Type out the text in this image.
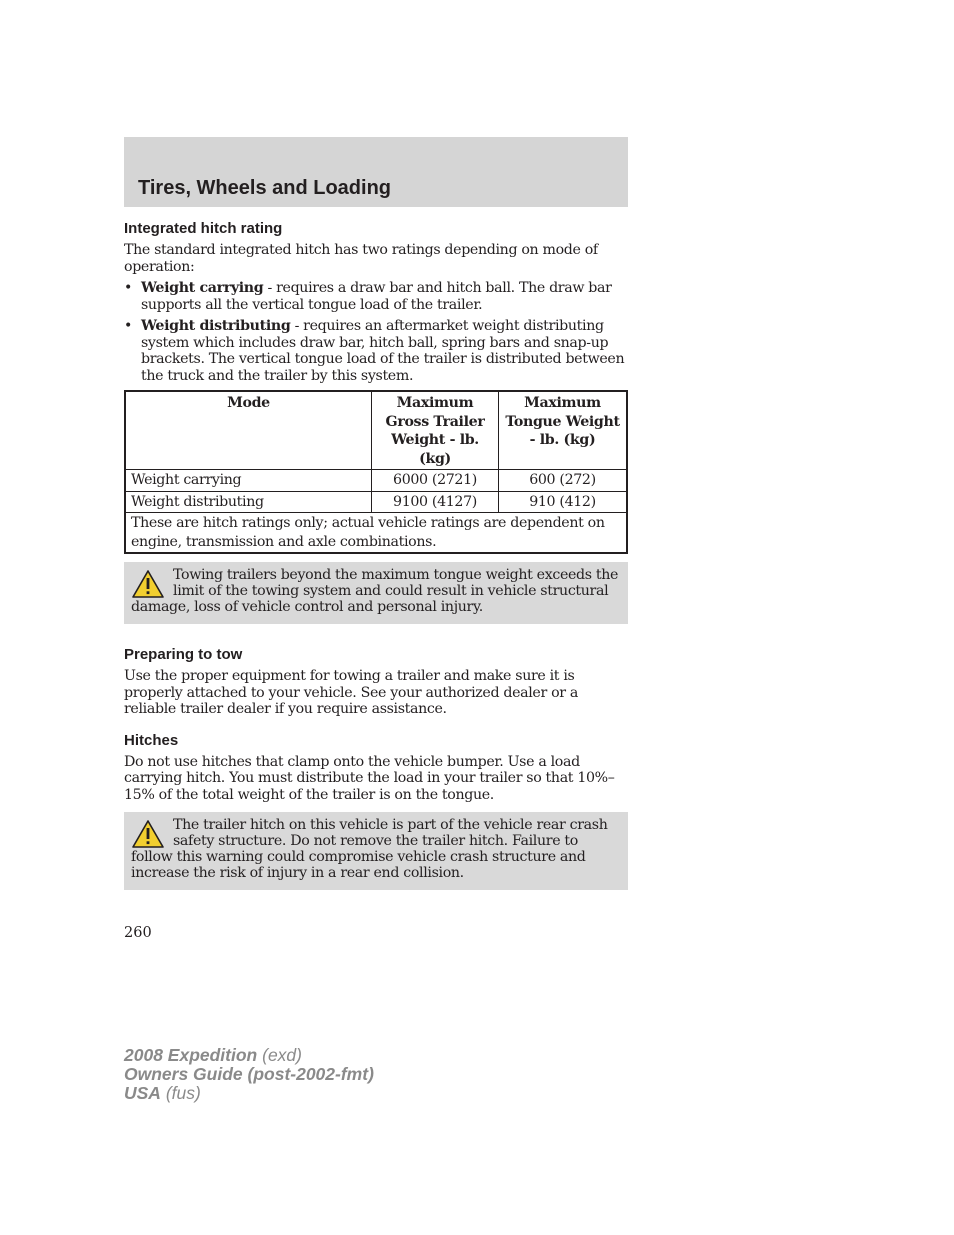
Tires, Wheels and Loading
Integrated hitch rating

The standard integrated hitch has two ratings depending on mode of operation:

• Weight carrying - requires a draw bar and hitch ball. The draw bar supports all the vertical tongue load of the trailer.
• Weight distributing - requires an aftermarket weight distributing system which includes draw bar, hitch ball, spring bars and snap-up brackets. The vertical tongue load of the trailer is distributed between the truck and the trailer by this system.
Mode	Maximum Gross Trailer Weight - lb. (kg)	Maximum Tongue Weight - lb. (kg)
Weight carrying	6000 (2721)	600 (272)
Weight distributing	9100 (4127)	910 (412)
These are hitch ratings only; actual vehicle ratings are dependent on engine, transmission and axle combinations.		
Towing trailers beyond the maximum tongue weight exceeds the limit of the towing system and could result in vehicle structural damage, loss of vehicle control and personal injury.
Preparing to tow

Use the proper equipment for towing a trailer and make sure it is properly attached to your vehicle. See your authorized dealer or a reliable trailer dealer if you require assistance.

Hitches

Do not use hitches that clamp onto the vehicle bumper. Use a load carrying hitch. You must distribute the load in your trailer so that 10%–15% of the total weight of the trailer is on the tongue.

The trailer hitch on this vehicle is part of the vehicle rear crash safety structure. Do not remove the trailer hitch. Failure to follow this warning could compromise vehicle crash structure and increase the risk of injury in a rear end collision.
260
2008 Expedition (exd)
Owners Guide (post-2002-fmt)
USA (fus)
